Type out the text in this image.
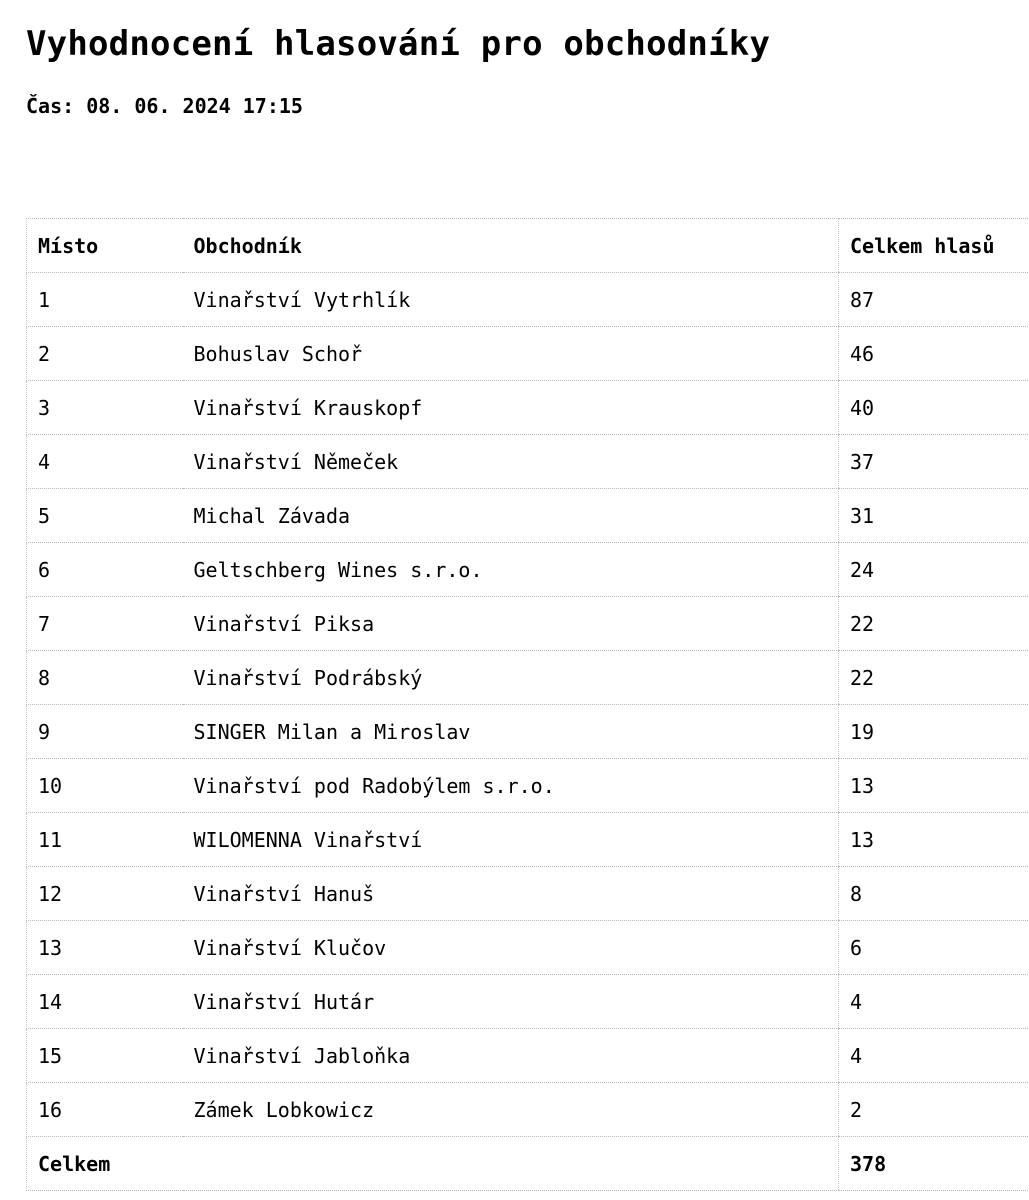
Vyhodnocení hlasování pro obchodníky
Čas: 08. 06. 2024 17:15
Místo	Obchodník	Celkem hlasů
1	Vinařství Vytrhlík	87
2	Bohuslav Schoř	46
3	Vinařství Krauskopf	40
4	Vinařství Němeček	37
5	Michal Závada	31
6	Geltschberg Wines s.r.o.	24
7	Vinařství Piksa	22
8	Vinařství Podrábský	22
9	SINGER Milan a Miroslav	19
10	Vinařství pod Radobýlem s.r.o.	13
11	WILOMENNA Vinařství	13
12	Vinařství Hanuš	8
13	Vinařství Klučov	6
14	Vinařství Hutár	4
15	Vinařství Jabloňka	4
16	Zámek Lobkowicz	2
Celkem		378
